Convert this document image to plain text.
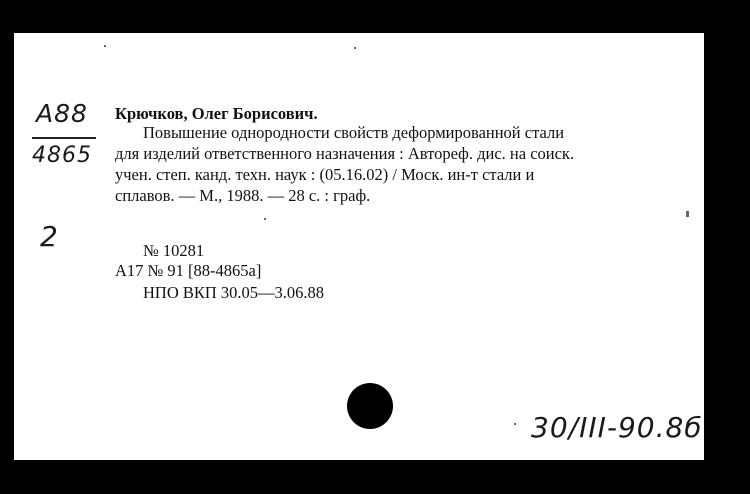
A88
4865
2
Крючков, Олег Борисович.
Повышение однородности свойств деформированной стали
для изделий ответственного назначения : Автореф. дис. на соиск.
учен. степ. канд. техн. наук : (05.16.02) / Моск. ин-т стали и
сплавов. — М., 1988. — 28 с. : граф.
№ 10281
А17 № 91 [88-4865а]
НПО ВКП 30.05—3.06.88
30/III-90.8б
